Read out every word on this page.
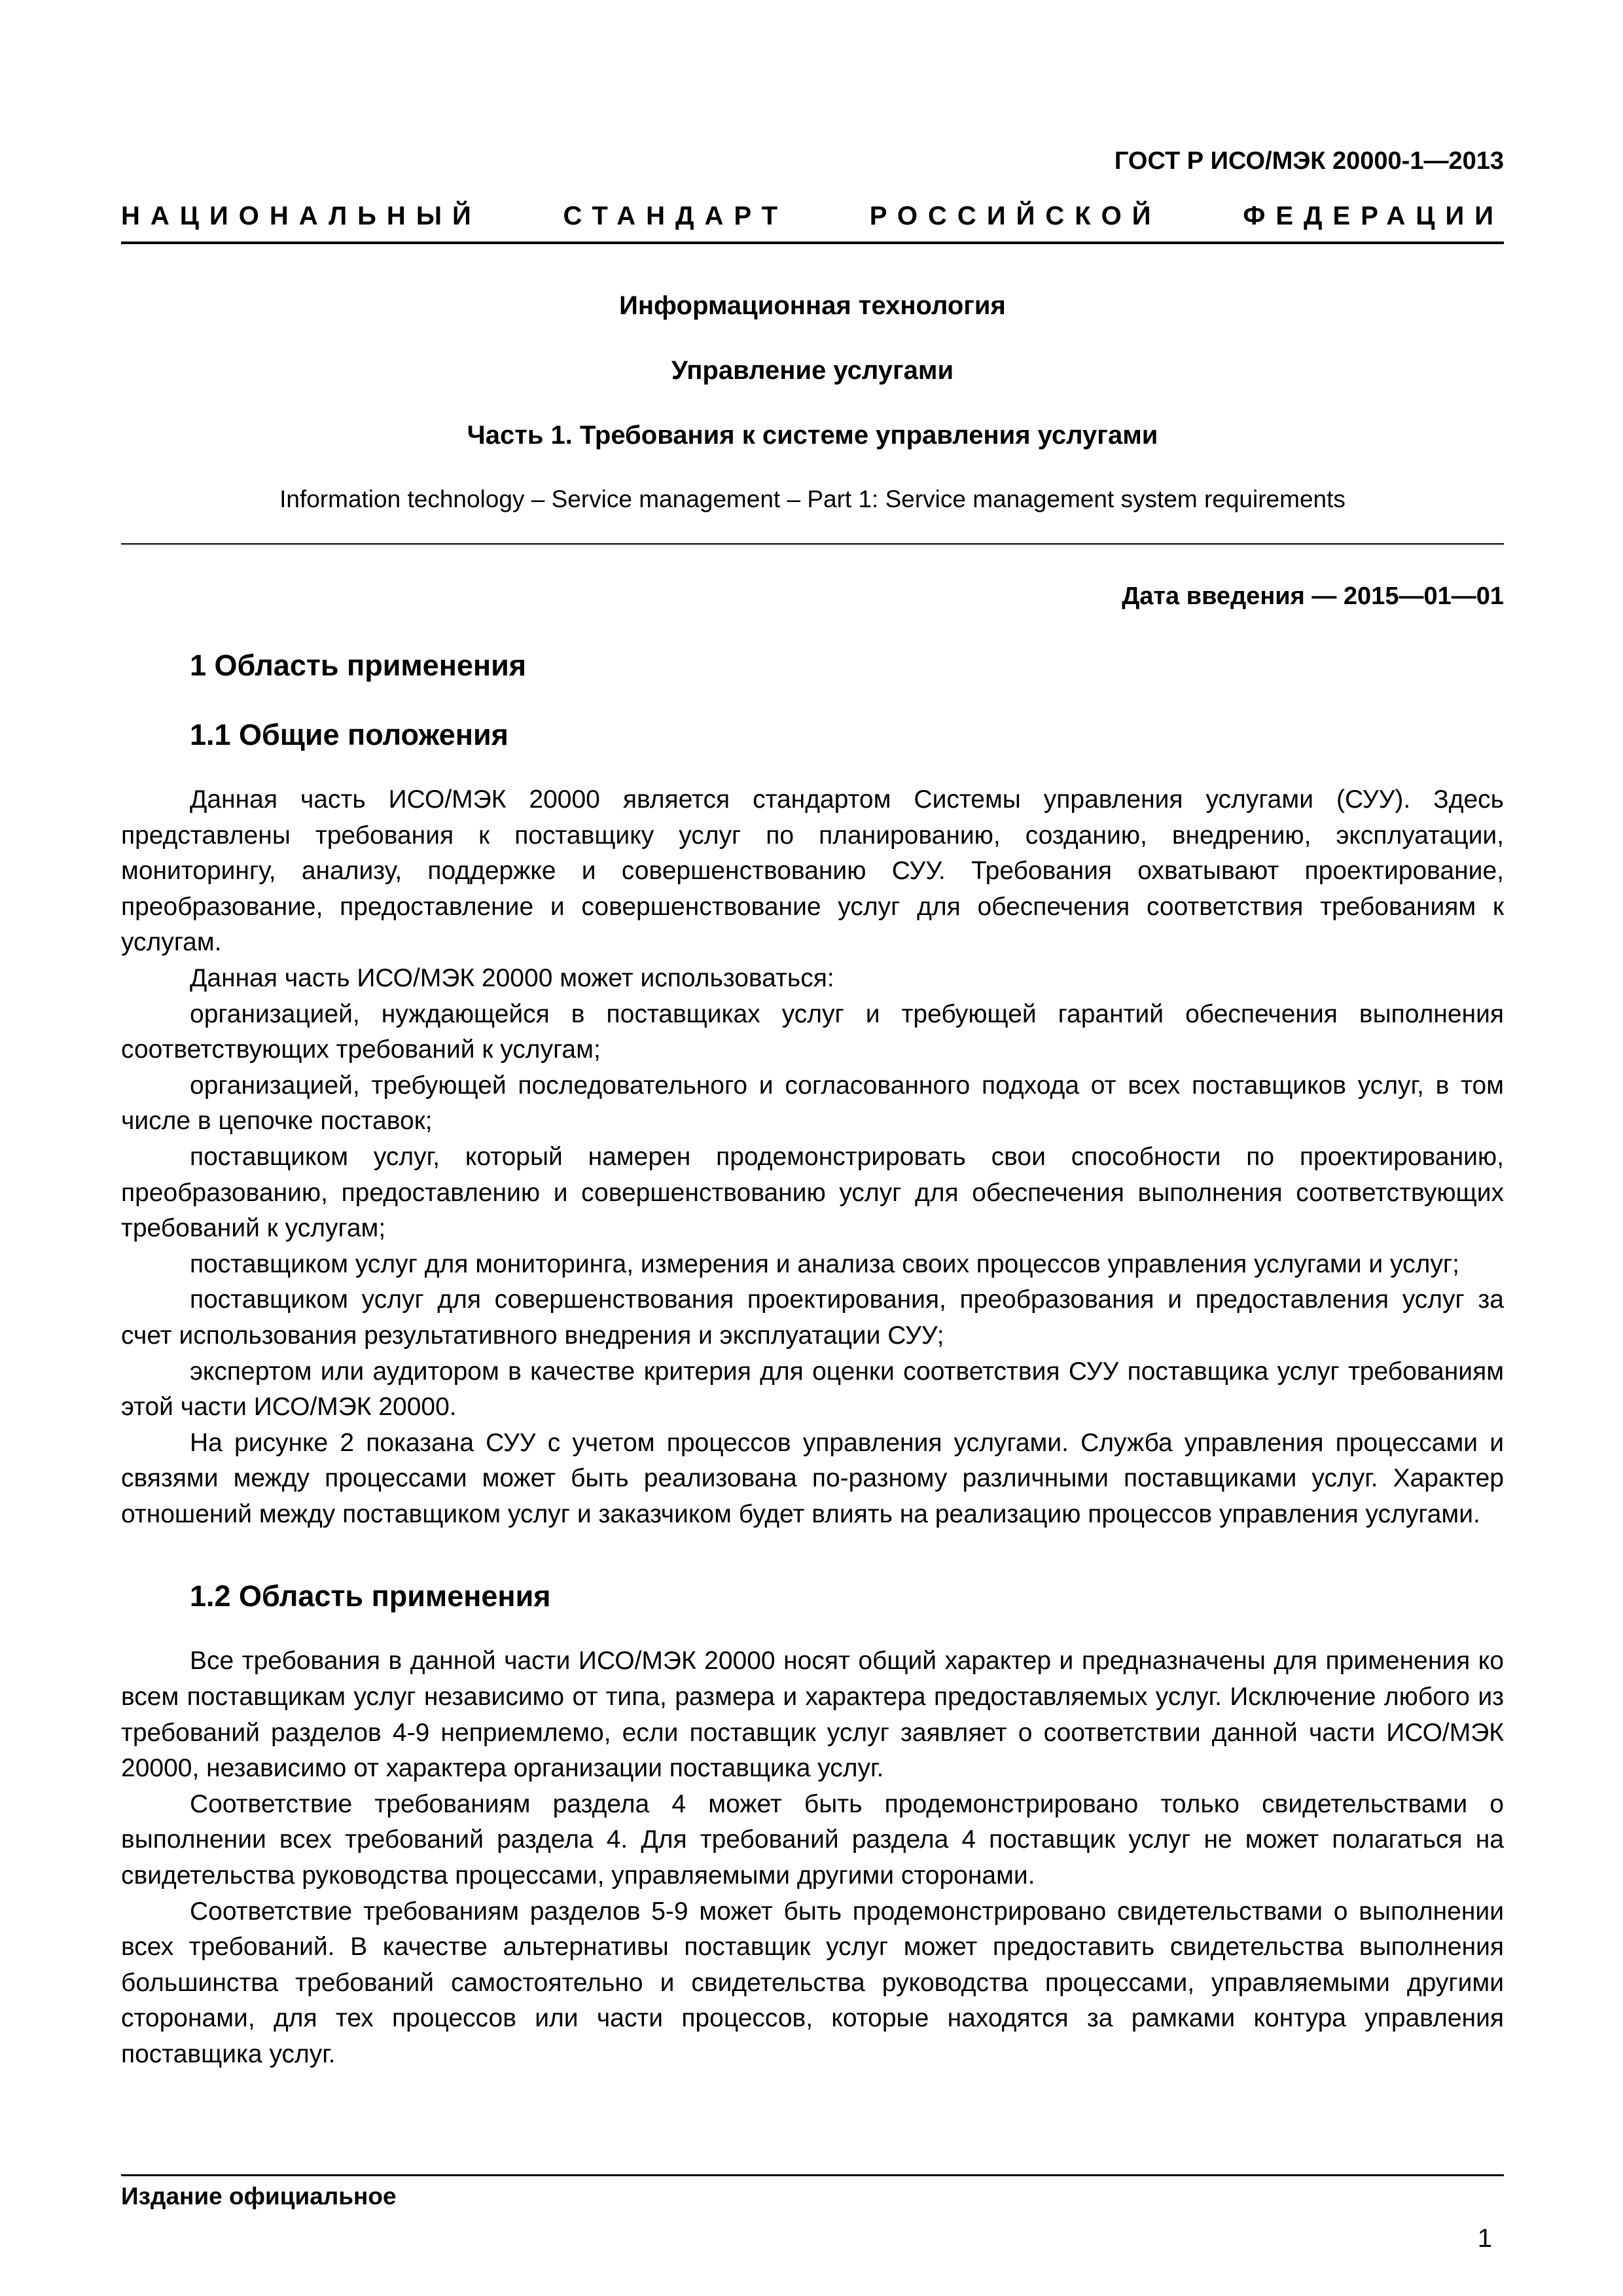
ГОСТ Р ИСО/МЭК 20000-1—2013
НАЦИОНАЛЬНЫЙ СТАНДАРТ РОССИЙСКОЙ ФЕДЕРАЦИИ
Информационная технология
Управление услугами
Часть 1. Требования к системе управления услугами
Information technology – Service management – Part 1: Service management system requirements
Дата введения — 2015—01—01
1 Область применения
1.1 Общие положения

Данная часть ИСО/МЭК 20000 является стандартом Системы управления услугами (СУУ). Здесь представлены требования к поставщику услуг по планированию, созданию, внедрению, эксплуатации, мониторингу, анализу, поддержке и совершенствованию СУУ. Требования охватывают проектирование, преобразование, предоставление и совершенствование услуг для обеспечения соответствия требованиям к услугам.

Данная часть ИСО/МЭК 20000 может использоваться:

организацией, нуждающейся в поставщиках услуг и требующей гарантий обеспечения выполнения соответствующих требований к услугам;

организацией, требующей последовательного и согласованного подхода от всех поставщиков услуг, в том числе в цепочке поставок;

поставщиком услуг, который намерен продемонстрировать свои способности по проектированию, преобразованию, предоставлению и совершенствованию услуг для обеспечения выполнения соответствующих требований к услугам;

поставщиком услуг для мониторинга, измерения и анализа своих процессов управления услугами и услуг;

поставщиком услуг для совершенствования проектирования, преобразования и предоставления услуг за счет использования результативного внедрения и эксплуатации СУУ;

экспертом или аудитором в качестве критерия для оценки соответствия СУУ поставщика услуг требованиям этой части ИСО/МЭК 20000.

На рисунке 2 показана СУУ с учетом процессов управления услугами. Служба управления процессами и связями между процессами может быть реализована по-разному различными поставщиками услуг. Характер отношений между поставщиком услуг и заказчиком будет влиять на реализацию процессов управления услугами.

1.2 Область применения

Все требования в данной части ИСО/МЭК 20000 носят общий характер и предназначены для применения ко всем поставщикам услуг независимо от типа, размера и характера предоставляемых услуг. Исключение любого из требований разделов 4-9 неприемлемо, если поставщик услуг заявляет о соответствии данной части ИСО/МЭК 20000, независимо от характера организации поставщика услуг.

Соответствие требованиям раздела 4 может быть продемонстрировано только свидетельствами о выполнении всех требований раздела 4. Для требований раздела 4 поставщик услуг не может полагаться на свидетельства руководства процессами, управляемыми другими сторонами.

Соответствие требованиям разделов 5-9 может быть продемонстрировано свидетельствами о выполнении всех требований. В качестве альтернативы поставщик услуг может предоставить свидетельства выполнения большинства требований самостоятельно и свидетельства руководства процессами, управляемыми другими сторонами, для тех процессов или части процессов, которые находятся за рамками контура управления поставщика услуг.

Издание официальное
1
